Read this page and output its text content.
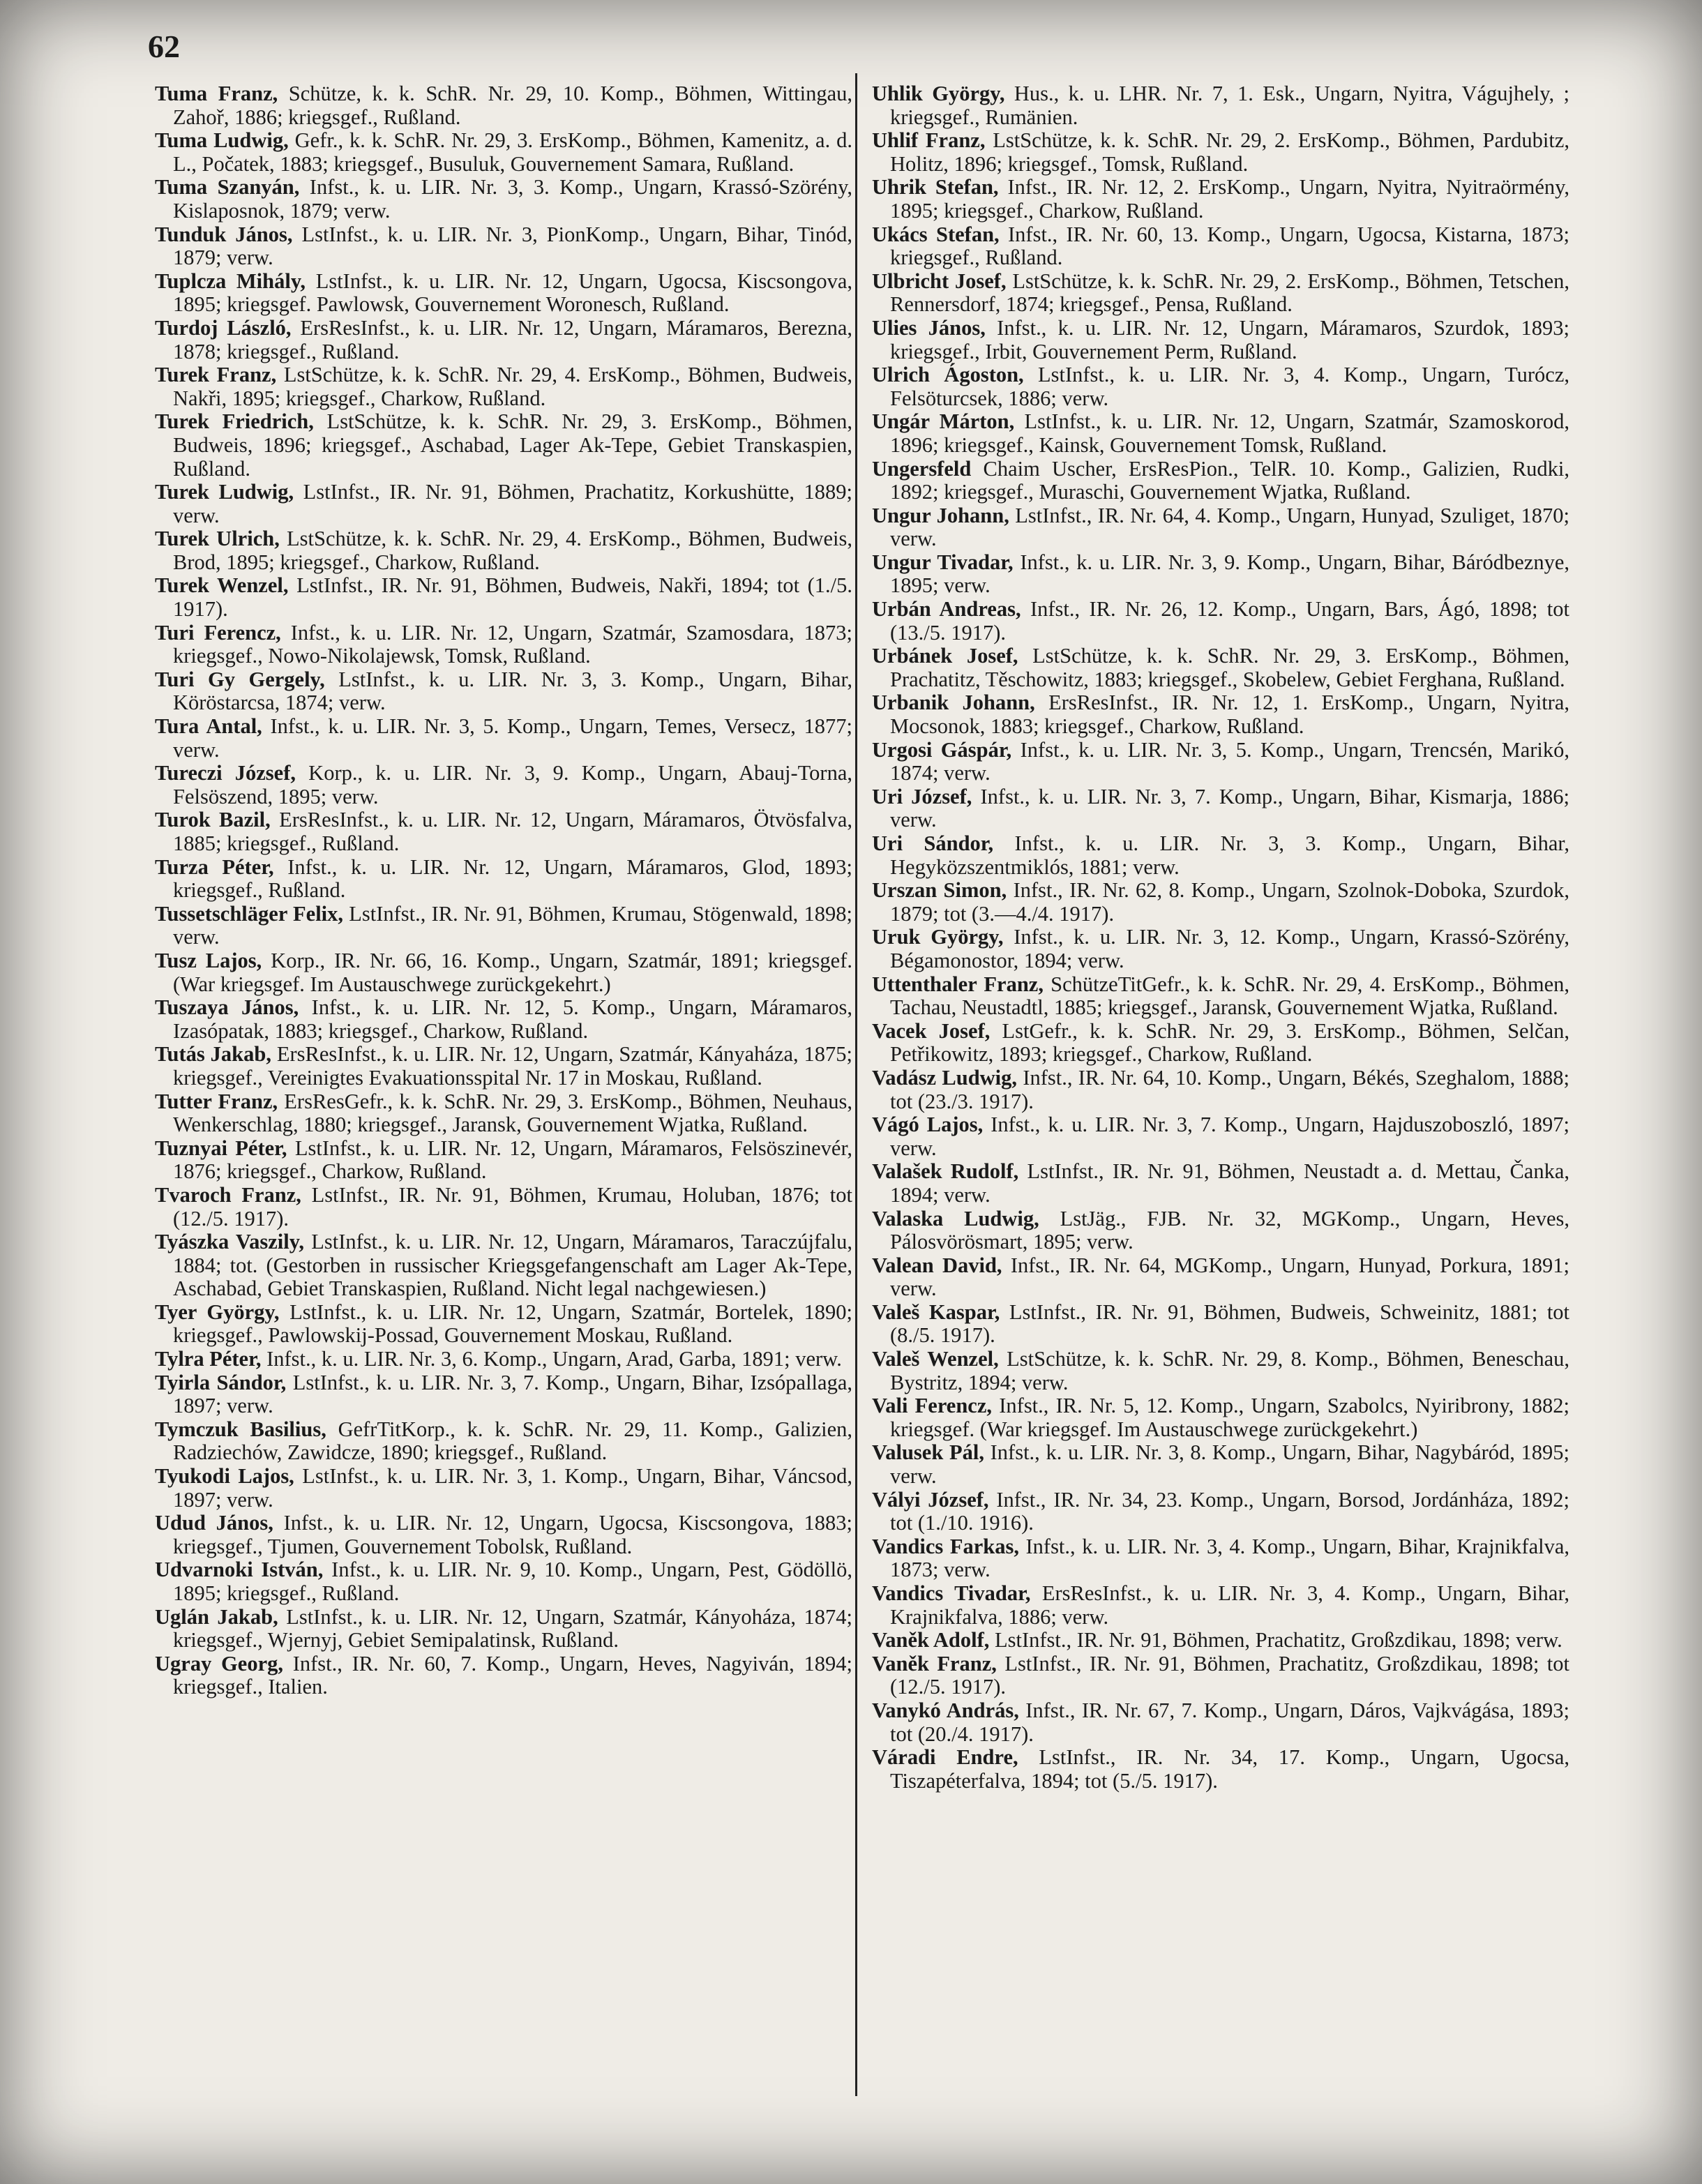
62
Tuma Franz, Schütze, k. k. SchR. Nr. 29, 10. Komp., Böhmen, Wittingau, Zahoř, 1886; kriegsgef., Rußland.
Tuma Ludwig, Gefr., k. k. SchR. Nr. 29, 3. ErsKomp., Böhmen, Kamenitz, a. d. L., Počatek, 1883; kriegsgef., Busuluk, Gouvernement Samara, Rußland.
Tuma Szanyán, Infst., k. u. LIR. Nr. 3, 3. Komp., Ungarn, Krassó-Szörény, Kislaposnok, 1879; verw.
Tunduk János, LstInfst., k. u. LIR. Nr. 3, PionKomp., Ungarn, Bihar, Tinód, 1879; verw.
Tuplcza Mihály, LstInfst., k. u. LIR. Nr. 12, Ungarn, Ugocsa, Kiscsongova, 1895; kriegsgef. Pawlowsk, Gouvernement Woronesch, Rußland.
Turdoj László, ErsResInfst., k. u. LIR. Nr. 12, Ungarn, Máramaros, Berezna, 1878; kriegsgef., Rußland.
Turek Franz, LstSchütze, k. k. SchR. Nr. 29, 4. ErsKomp., Böhmen, Budweis, Nakři, 1895; kriegsgef., Charkow, Rußland.
Turek Friedrich, LstSchütze, k. k. SchR. Nr. 29, 3. ErsKomp., Böhmen, Budweis, 1896; kriegsgef., Aschabad, Lager Ak-Tepe, Gebiet Transkaspien, Rußland.
Turek Ludwig, LstInfst., IR. Nr. 91, Böhmen, Prachatitz, Korkushütte, 1889; verw.
Turek Ulrich, LstSchütze, k. k. SchR. Nr. 29, 4. ErsKomp., Böhmen, Budweis, Brod, 1895; kriegsgef., Charkow, Rußland.
Turek Wenzel, LstInfst., IR. Nr. 91, Böhmen, Budweis, Nakři, 1894; tot (1./5. 1917).
Turi Ferencz, Infst., k. u. LIR. Nr. 12, Ungarn, Szatmár, Szamosdara, 1873; kriegsgef., Nowo-Nikolajewsk, Tomsk, Rußland.
Turi Gy Gergely, LstInfst., k. u. LIR. Nr. 3, 3. Komp., Ungarn, Bihar, Köröstarcsa, 1874; verw.
Tura Antal, Infst., k. u. LIR. Nr. 3, 5. Komp., Ungarn, Temes, Versecz, 1877; verw.
Tureczi József, Korp., k. u. LIR. Nr. 3, 9. Komp., Ungarn, Abauj-Torna, Felsöszend, 1895; verw.
Turok Bazil, ErsResInfst., k. u. LIR. Nr. 12, Ungarn, Máramaros, Ötvösfalva, 1885; kriegsgef., Rußland.
Turza Péter, Infst., k. u. LIR. Nr. 12, Ungarn, Máramaros, Glod, 1893; kriegsgef., Rußland.
Tussetschläger Felix, LstInfst., IR. Nr. 91, Böhmen, Krumau, Stögenwald, 1898; verw.
Tusz Lajos, Korp., IR. Nr. 66, 16. Komp., Ungarn, Szatmár, 1891; kriegsgef. (War kriegsgef. Im Austauschwege zurückgekehrt.)
Tuszaya János, Infst., k. u. LIR. Nr. 12, 5. Komp., Ungarn, Máramaros, Izasópatak, 1883; kriegsgef., Charkow, Rußland.
Tutás Jakab, ErsResInfst., k. u. LIR. Nr. 12, Ungarn, Szatmár, Kányaháza, 1875; kriegsgef., Vereinigtes Evakuationsspital Nr. 17 in Moskau, Rußland.
Tutter Franz, ErsResGefr., k. k. SchR. Nr. 29, 3. ErsKomp., Böhmen, Neuhaus, Wenkerschlag, 1880; kriegsgef., Jaransk, Gouvernement Wjatka, Rußland.
Tuznyai Péter, LstInfst., k. u. LIR. Nr. 12, Ungarn, Máramaros, Felsöszinevér, 1876; kriegsgef., Charkow, Rußland.
Tvaroch Franz, LstInfst., IR. Nr. 91, Böhmen, Krumau, Holuban, 1876; tot (12./5. 1917).
Tyászka Vaszily, LstInfst., k. u. LIR. Nr. 12, Ungarn, Máramaros, Taraczújfalu, 1884; tot. (Gestorben in russischer Kriegsgefangenschaft am Lager Ak-Tepe, Aschabad, Gebiet Transkaspien, Rußland. Nicht legal nachgewiesen.)
Tyer György, LstInfst., k. u. LIR. Nr. 12, Ungarn, Szatmár, Bortelek, 1890; kriegsgef., Pawlowskij-Possad, Gouvernement Moskau, Rußland.
Tylra Péter, Infst., k. u. LIR. Nr. 3, 6. Komp., Ungarn, Arad, Garba, 1891; verw.
Tyirla Sándor, LstInfst., k. u. LIR. Nr. 3, 7. Komp., Ungarn, Bihar, Izsópallaga, 1897; verw.
Tymczuk Basilius, GefrTitKorp., k. k. SchR. Nr. 29, 11. Komp., Galizien, Radziechów, Zawidcze, 1890; kriegsgef., Rußland.
Tyukodi Lajos, LstInfst., k. u. LIR. Nr. 3, 1. Komp., Ungarn, Bihar, Váncsod, 1897; verw.
Udud János, Infst., k. u. LIR. Nr. 12, Ungarn, Ugocsa, Kiscsongova, 1883; kriegsgef., Tjumen, Gouvernement Tobolsk, Rußland.
Udvarnoki István, Infst., k. u. LIR. Nr. 9, 10. Komp., Ungarn, Pest, Gödöllö, 1895; kriegsgef., Rußland.
Uglán Jakab, LstInfst., k. u. LIR. Nr. 12, Ungarn, Szatmár, Kányoháza, 1874; kriegsgef., Wjernyj, Gebiet Semipalatinsk, Rußland.
Ugray Georg, Infst., IR. Nr. 60, 7. Komp., Ungarn, Heves, Nagyiván, 1894; kriegsgef., Italien.
Uhlik György, Hus., k. u. LHR. Nr. 7, 1. Esk., Ungarn, Nyitra, Vágujhely, ; kriegsgef., Rumänien.
Uhlif Franz, LstSchütze, k. k. SchR. Nr. 29, 2. ErsKomp., Böhmen, Pardubitz, Holitz, 1896; kriegsgef., Tomsk, Rußland.
Uhrik Stefan, Infst., IR. Nr. 12, 2. ErsKomp., Ungarn, Nyitra, Nyitraörmény, 1895; kriegsgef., Charkow, Rußland.
Ukács Stefan, Infst., IR. Nr. 60, 13. Komp., Ungarn, Ugocsa, Kistarna, 1873; kriegsgef., Rußland.
Ulbricht Josef, LstSchütze, k. k. SchR. Nr. 29, 2. ErsKomp., Böhmen, Tetschen, Rennersdorf, 1874; kriegsgef., Pensa, Rußland.
Ulies János, Infst., k. u. LIR. Nr. 12, Ungarn, Máramaros, Szurdok, 1893; kriegsgef., Irbit, Gouvernement Perm, Rußland.
Ulrich Ágoston, LstInfst., k. u. LIR. Nr. 3, 4. Komp., Ungarn, Turócz, Felsöturcsek, 1886; verw.
Ungár Márton, LstInfst., k. u. LIR. Nr. 12, Ungarn, Szatmár, Szamoskorod, 1896; kriegsgef., Kainsk, Gouvernement Tomsk, Rußland.
Ungersfeld Chaim Uscher, ErsResPion., TelR. 10. Komp., Galizien, Rudki, 1892; kriegsgef., Muraschi, Gouvernement Wjatka, Rußland.
Ungur Johann, LstInfst., IR. Nr. 64, 4. Komp., Ungarn, Hunyad, Szuliget, 1870; verw.
Ungur Tivadar, Infst., k. u. LIR. Nr. 3, 9. Komp., Ungarn, Bihar, Báródbeznye, 1895; verw.
Urbán Andreas, Infst., IR. Nr. 26, 12. Komp., Ungarn, Bars, Ágó, 1898; tot (13./5. 1917).
Urbánek Josef, LstSchütze, k. k. SchR. Nr. 29, 3. ErsKomp., Böhmen, Prachatitz, Těschowitz, 1883; kriegsgef., Skobelew, Gebiet Ferghana, Rußland.
Urbanik Johann, ErsResInfst., IR. Nr. 12, 1. ErsKomp., Ungarn, Nyitra, Mocsonok, 1883; kriegsgef., Charkow, Rußland.
Urgosi Gáspár, Infst., k. u. LIR. Nr. 3, 5. Komp., Ungarn, Trencsén, Marikó, 1874; verw.
Uri József, Infst., k. u. LIR. Nr. 3, 7. Komp., Ungarn, Bihar, Kismarja, 1886; verw.
Uri Sándor, Infst., k. u. LIR. Nr. 3, 3. Komp., Ungarn, Bihar, Hegyközszentmiklós, 1881; verw.
Urszan Simon, Infst., IR. Nr. 62, 8. Komp., Ungarn, Szolnok-Doboka, Szurdok, 1879; tot (3.—4./4. 1917).
Uruk György, Infst., k. u. LIR. Nr. 3, 12. Komp., Ungarn, Krassó-Szörény, Bégamonostor, 1894; verw.
Uttenthaler Franz, SchützeTitGefr., k. k. SchR. Nr. 29, 4. ErsKomp., Böhmen, Tachau, Neustadtl, 1885; kriegsgef., Jaransk, Gouvernement Wjatka, Rußland.
Vacek Josef, LstGefr., k. k. SchR. Nr. 29, 3. ErsKomp., Böhmen, Selčan, Petřikowitz, 1893; kriegsgef., Charkow, Rußland.
Vadász Ludwig, Infst., IR. Nr. 64, 10. Komp., Ungarn, Békés, Szeghalom, 1888; tot (23./3. 1917).
Vágó Lajos, Infst., k. u. LIR. Nr. 3, 7. Komp., Ungarn, Hajduszoboszló, 1897; verw.
Valašek Rudolf, LstInfst., IR. Nr. 91, Böhmen, Neustadt a. d. Mettau, Čanka, 1894; verw.
Valaska Ludwig, LstJäg., FJB. Nr. 32, MGKomp., Ungarn, Heves, Pálosvörösmart, 1895; verw.
Valean David, Infst., IR. Nr. 64, MGKomp., Ungarn, Hunyad, Porkura, 1891; verw.
Valeš Kaspar, LstInfst., IR. Nr. 91, Böhmen, Budweis, Schweinitz, 1881; tot (8./5. 1917).
Valeš Wenzel, LstSchütze, k. k. SchR. Nr. 29, 8. Komp., Böhmen, Beneschau, Bystritz, 1894; verw.
Vali Ferencz, Infst., IR. Nr. 5, 12. Komp., Ungarn, Szabolcs, Nyiribrony, 1882; kriegsgef. (War kriegsgef. Im Austauschwege zurückgekehrt.)
Valusek Pál, Infst., k. u. LIR. Nr. 3, 8. Komp., Ungarn, Bihar, Nagybáród, 1895; verw.
Vályi József, Infst., IR. Nr. 34, 23. Komp., Ungarn, Borsod, Jordánháza, 1892; tot (1./10. 1916).
Vandics Farkas, Infst., k. u. LIR. Nr. 3, 4. Komp., Ungarn, Bihar, Krajnikfalva, 1873; verw.
Vandics Tivadar, ErsResInfst., k. u. LIR. Nr. 3, 4. Komp., Ungarn, Bihar, Krajnikfalva, 1886; verw.
Vaněk Adolf, LstInfst., IR. Nr. 91, Böhmen, Prachatitz, Großzdikau, 1898; verw.
Vaněk Franz, LstInfst., IR. Nr. 91, Böhmen, Prachatitz, Großzdikau, 1898; tot (12./5. 1917).
Vanykó András, Infst., IR. Nr. 67, 7. Komp., Ungarn, Dáros, Vajkvágása, 1893; tot (20./4. 1917).
Váradi Endre, LstInfst., IR. Nr. 34, 17. Komp., Ungarn, Ugocsa, Tiszapéterfalva, 1894; tot (5./5. 1917).
